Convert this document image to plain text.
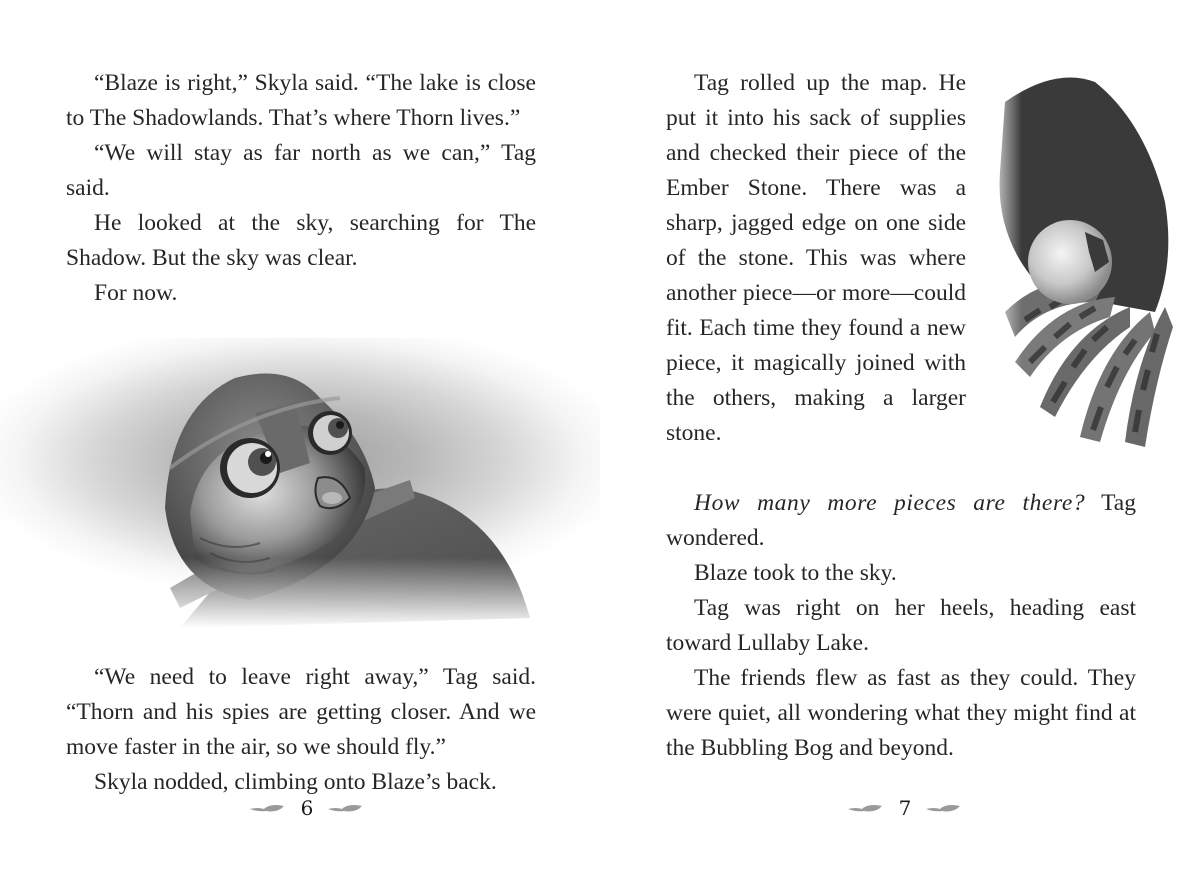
“Blaze is right,” Skyla said. “The lake is close to The Shadowlands. That’s where Thorn lives.”

“We will stay as far north as we can,” Tag said.

He looked at the sky, searching for The Shadow. But the sky was clear.

For now.

“We need to leave right away,” Tag said. “Thorn and his spies are getting closer. And we move faster in the air, so we should fly.”

Skyla nodded, climbing onto Blaze’s back.

6

Tag rolled up the map. He put it into his sack of supplies and checked their piece of the Ember Stone. There was a sharp, jagged edge on one side of the stone. This was where another piece—or more—could fit. Each time they found a new piece, it magically joined with the others, making a larger stone.

How many more pieces are there? Tag wondered.

Blaze took to the sky.

Tag was right on her heels, heading east toward Lullaby Lake.

The friends flew as fast as they could. They were quiet, all wondering what they might find at the Bubbling Bog and beyond.

7
